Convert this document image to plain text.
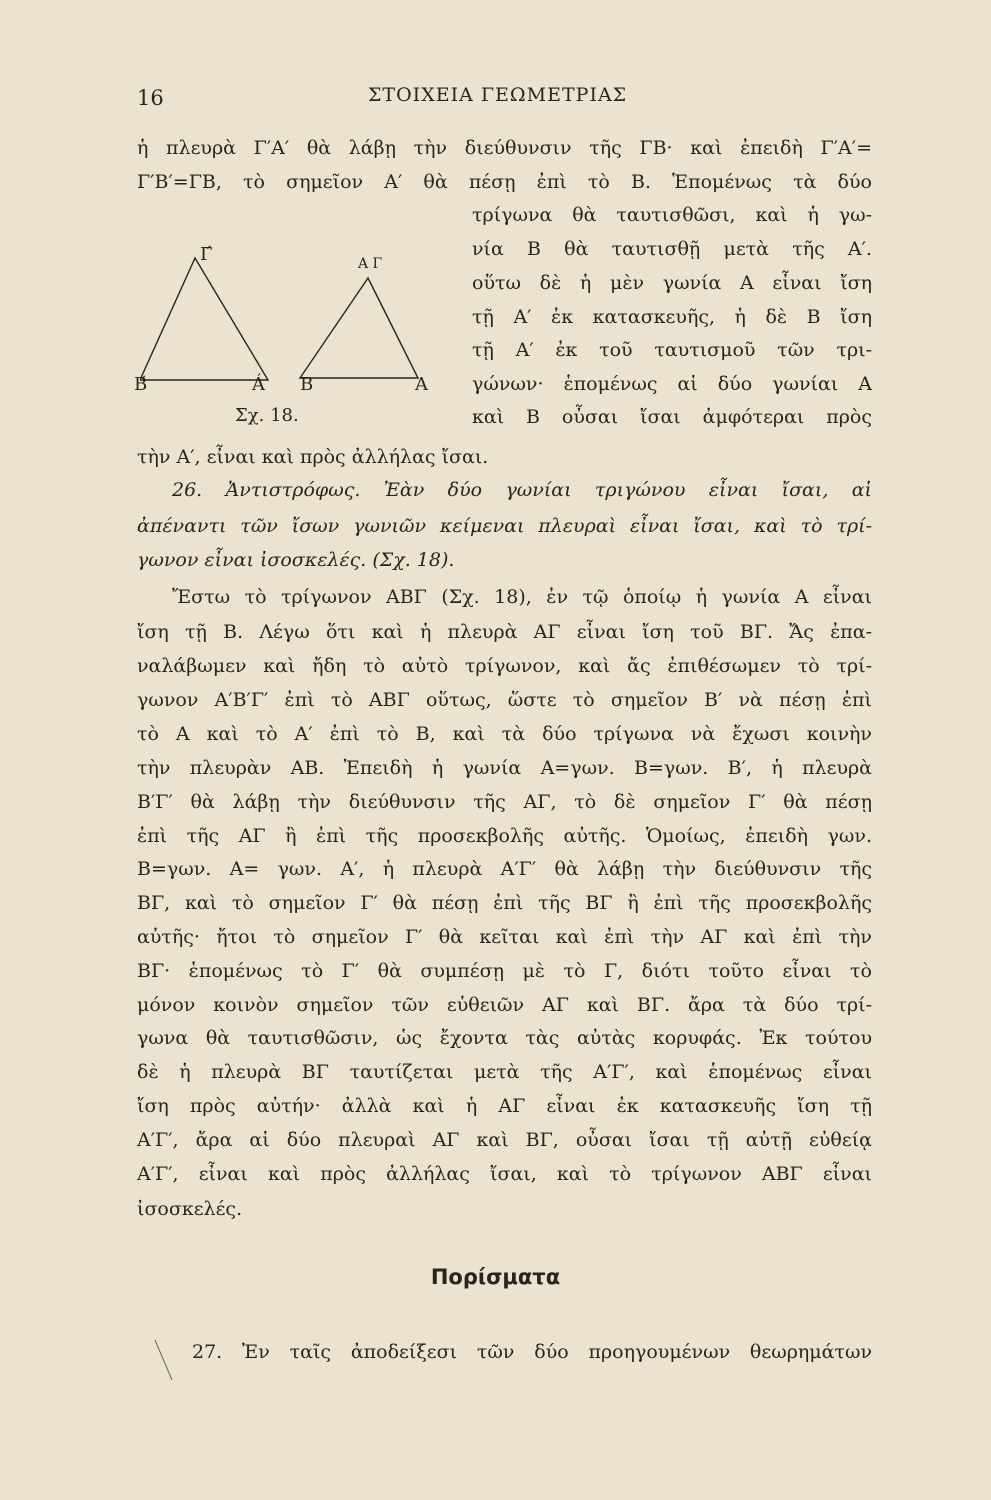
16	ΣΤΟΙΧΕΙΑ ΓΕΩΜΕΤΡΙΑΣ
Γ́	Α Γ
Β́	Á Β	Α
Σχ. 18.
ἡ πλευρὰ Γ′Α′ θὰ λάβῃ τὴν διεύθυνσιν τῆς ΓΒ· καὶ ἐπειδὴ Γ′Α′=
Γ′Β′=ΓΒ, τὸ σημεῖον Α′ θὰ πέσῃ ἐπὶ τὸ Β. Ἑπομένως τὰ δύο
τρίγωνα θὰ ταυτισθῶσι, καὶ ἡ γω-
νία Β θὰ ταυτισθῇ μετὰ τῆς Α′.
οὕτω δὲ ἡ μὲν γωνία Α εἶναι ἴση
τῇ Α′ ἐκ κατασκευῆς, ἡ δὲ Β ἴση
τῇ Α′ ἐκ τοῦ ταυτισμοῦ τῶν τρι-
γώνων· ἑπομένως αἱ δύο γωνίαι Α
καὶ Β οὖσαι ἴσαι ἀμφότεραι πρὸς
τὴν Α′, εἶναι καὶ πρὸς ἀλλήλας ἴσαι.
26. Ἀντιστρόφως. Ἐὰν δύο γωνίαι τριγώνου εἶναι ἴσαι, αἱ
ἀπέναντι τῶν ἴσων γωνιῶν κείμεναι πλευραὶ εἶναι ἴσαι, καὶ τὸ τρί-
γωνον εἶναι ἰσοσκελές. (Σχ. 18).
Ἔστω τὸ τρίγωνον ΑΒΓ (Σχ. 18), ἐν τῷ ὁποίῳ ἡ γωνία Α εἶναι
ἴση τῇ Β. Λέγω ὅτι καὶ ἡ πλευρὰ ΑΓ εἶναι ἴση τοῦ ΒΓ. Ἄς ἐπα-
ναλάβωμεν καὶ ἤδη τὸ αὐτὸ τρίγωνον, καὶ ἄς ἐπιθέσωμεν τὸ τρί-
γωνον Α′Β′Γ′ ἐπὶ τὸ ΑΒΓ οὕτως, ὥστε τὸ σημεῖον Β′ νὰ πέσῃ ἐπὶ
τὸ Α καὶ τὸ Α′ ἐπὶ τὸ Β, καὶ τὰ δύο τρίγωνα νὰ ἔχωσι κοινὴν
τὴν πλευρὰν ΑΒ. Ἐπειδὴ ἡ γωνία Α=γων. Β=γων. Β′, ἡ πλευρὰ
Β′Γ′ θὰ λάβῃ τὴν διεύθυνσιν τῆς ΑΓ, τὸ δὲ σημεῖον Γ′ θὰ πέσῃ
ἐπὶ τῆς ΑΓ ἢ ἐπὶ τῆς προσεκβολῆς αὐτῆς. Ὁμοίως, ἐπειδὴ γων.
Β=γων. Α= γων. Α′, ἡ πλευρὰ Α′Γ′ θὰ λάβῃ τὴν διεύθυνσιν τῆς
ΒΓ, καὶ τὸ σημεῖον Γ′ θὰ πέσῃ ἐπὶ τῆς ΒΓ ἢ ἐπὶ τῆς προσεκβολῆς
αὐτῆς· ἤτοι τὸ σημεῖον Γ′ θὰ κεῖται καὶ ἐπὶ τὴν ΑΓ καὶ ἐπὶ τὴν
ΒΓ· ἑπομένως τὸ Γ′ θὰ συμπέσῃ μὲ τὸ Γ, διότι τοῦτο εἶναι τὸ
μόνον κοινὸν σημεῖον τῶν εὐθειῶν ΑΓ καὶ ΒΓ. ἄρα τὰ δύο τρί-
γωνα θὰ ταυτισθῶσιν, ὡς ἔχοντα τὰς αὐτὰς κορυφάς. Ἐκ τούτου
δὲ ἡ πλευρὰ ΒΓ ταυτίζεται μετὰ τῆς Α′Γ′, καὶ ἑπομένως εἶναι
ἴση πρὸς αὐτήν· ἀλλὰ καὶ ἡ ΑΓ εἶναι ἐκ κατασκευῆς ἴση τῇ
Α′Γ′, ἄρα αἱ δύο πλευραὶ ΑΓ καὶ ΒΓ, οὖσαι ἴσαι τῇ αὐτῇ εὐθείᾳ
Α′Γ′, εἶναι καὶ πρὸς ἀλλήλας ἴσαι, καὶ τὸ τρίγωνον ΑΒΓ εἶναι
ἰσοσκελές.
Πορίσματα
27. Ἐν ταῖς ἀποδείξεσι τῶν δύο προηγουμένων θεωρημάτων
